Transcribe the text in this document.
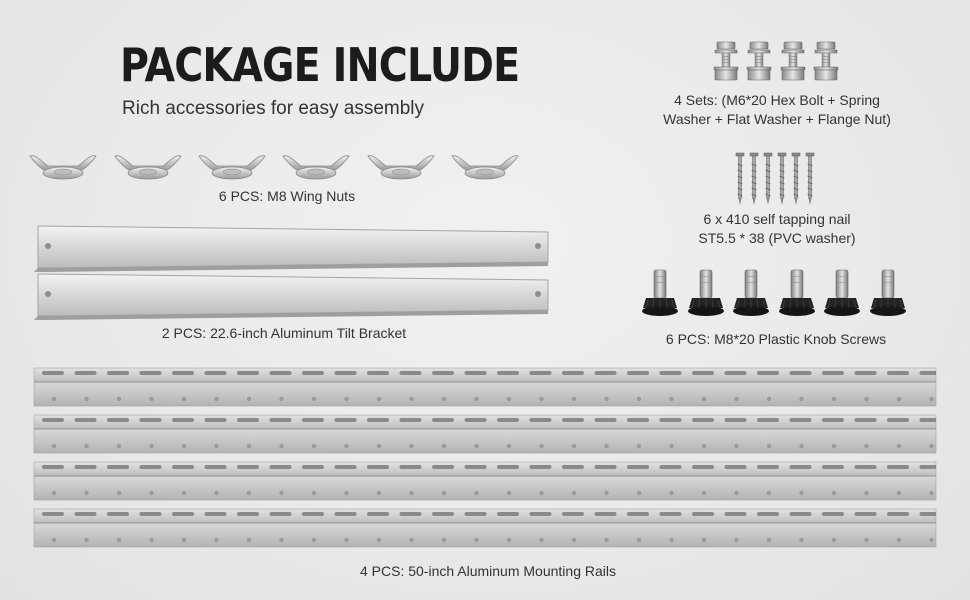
PACKAGE INCLUDE
Rich accessories for easy assembly	4 Sets: (M6*20 Hex Bolt + Spring
Washer + Flat Washer + Flange Nut)
6 PCS: M8 Wing Nuts
6 x 410 self tapping nail
ST5.5 * 38 (PVC washer)
2 PCS: 22.6-inch Aluminum Tilt Bracket	6 PCS: M8*20 Plastic Knob Screws
4 PCS: 50-inch Aluminum Mounting Rails
